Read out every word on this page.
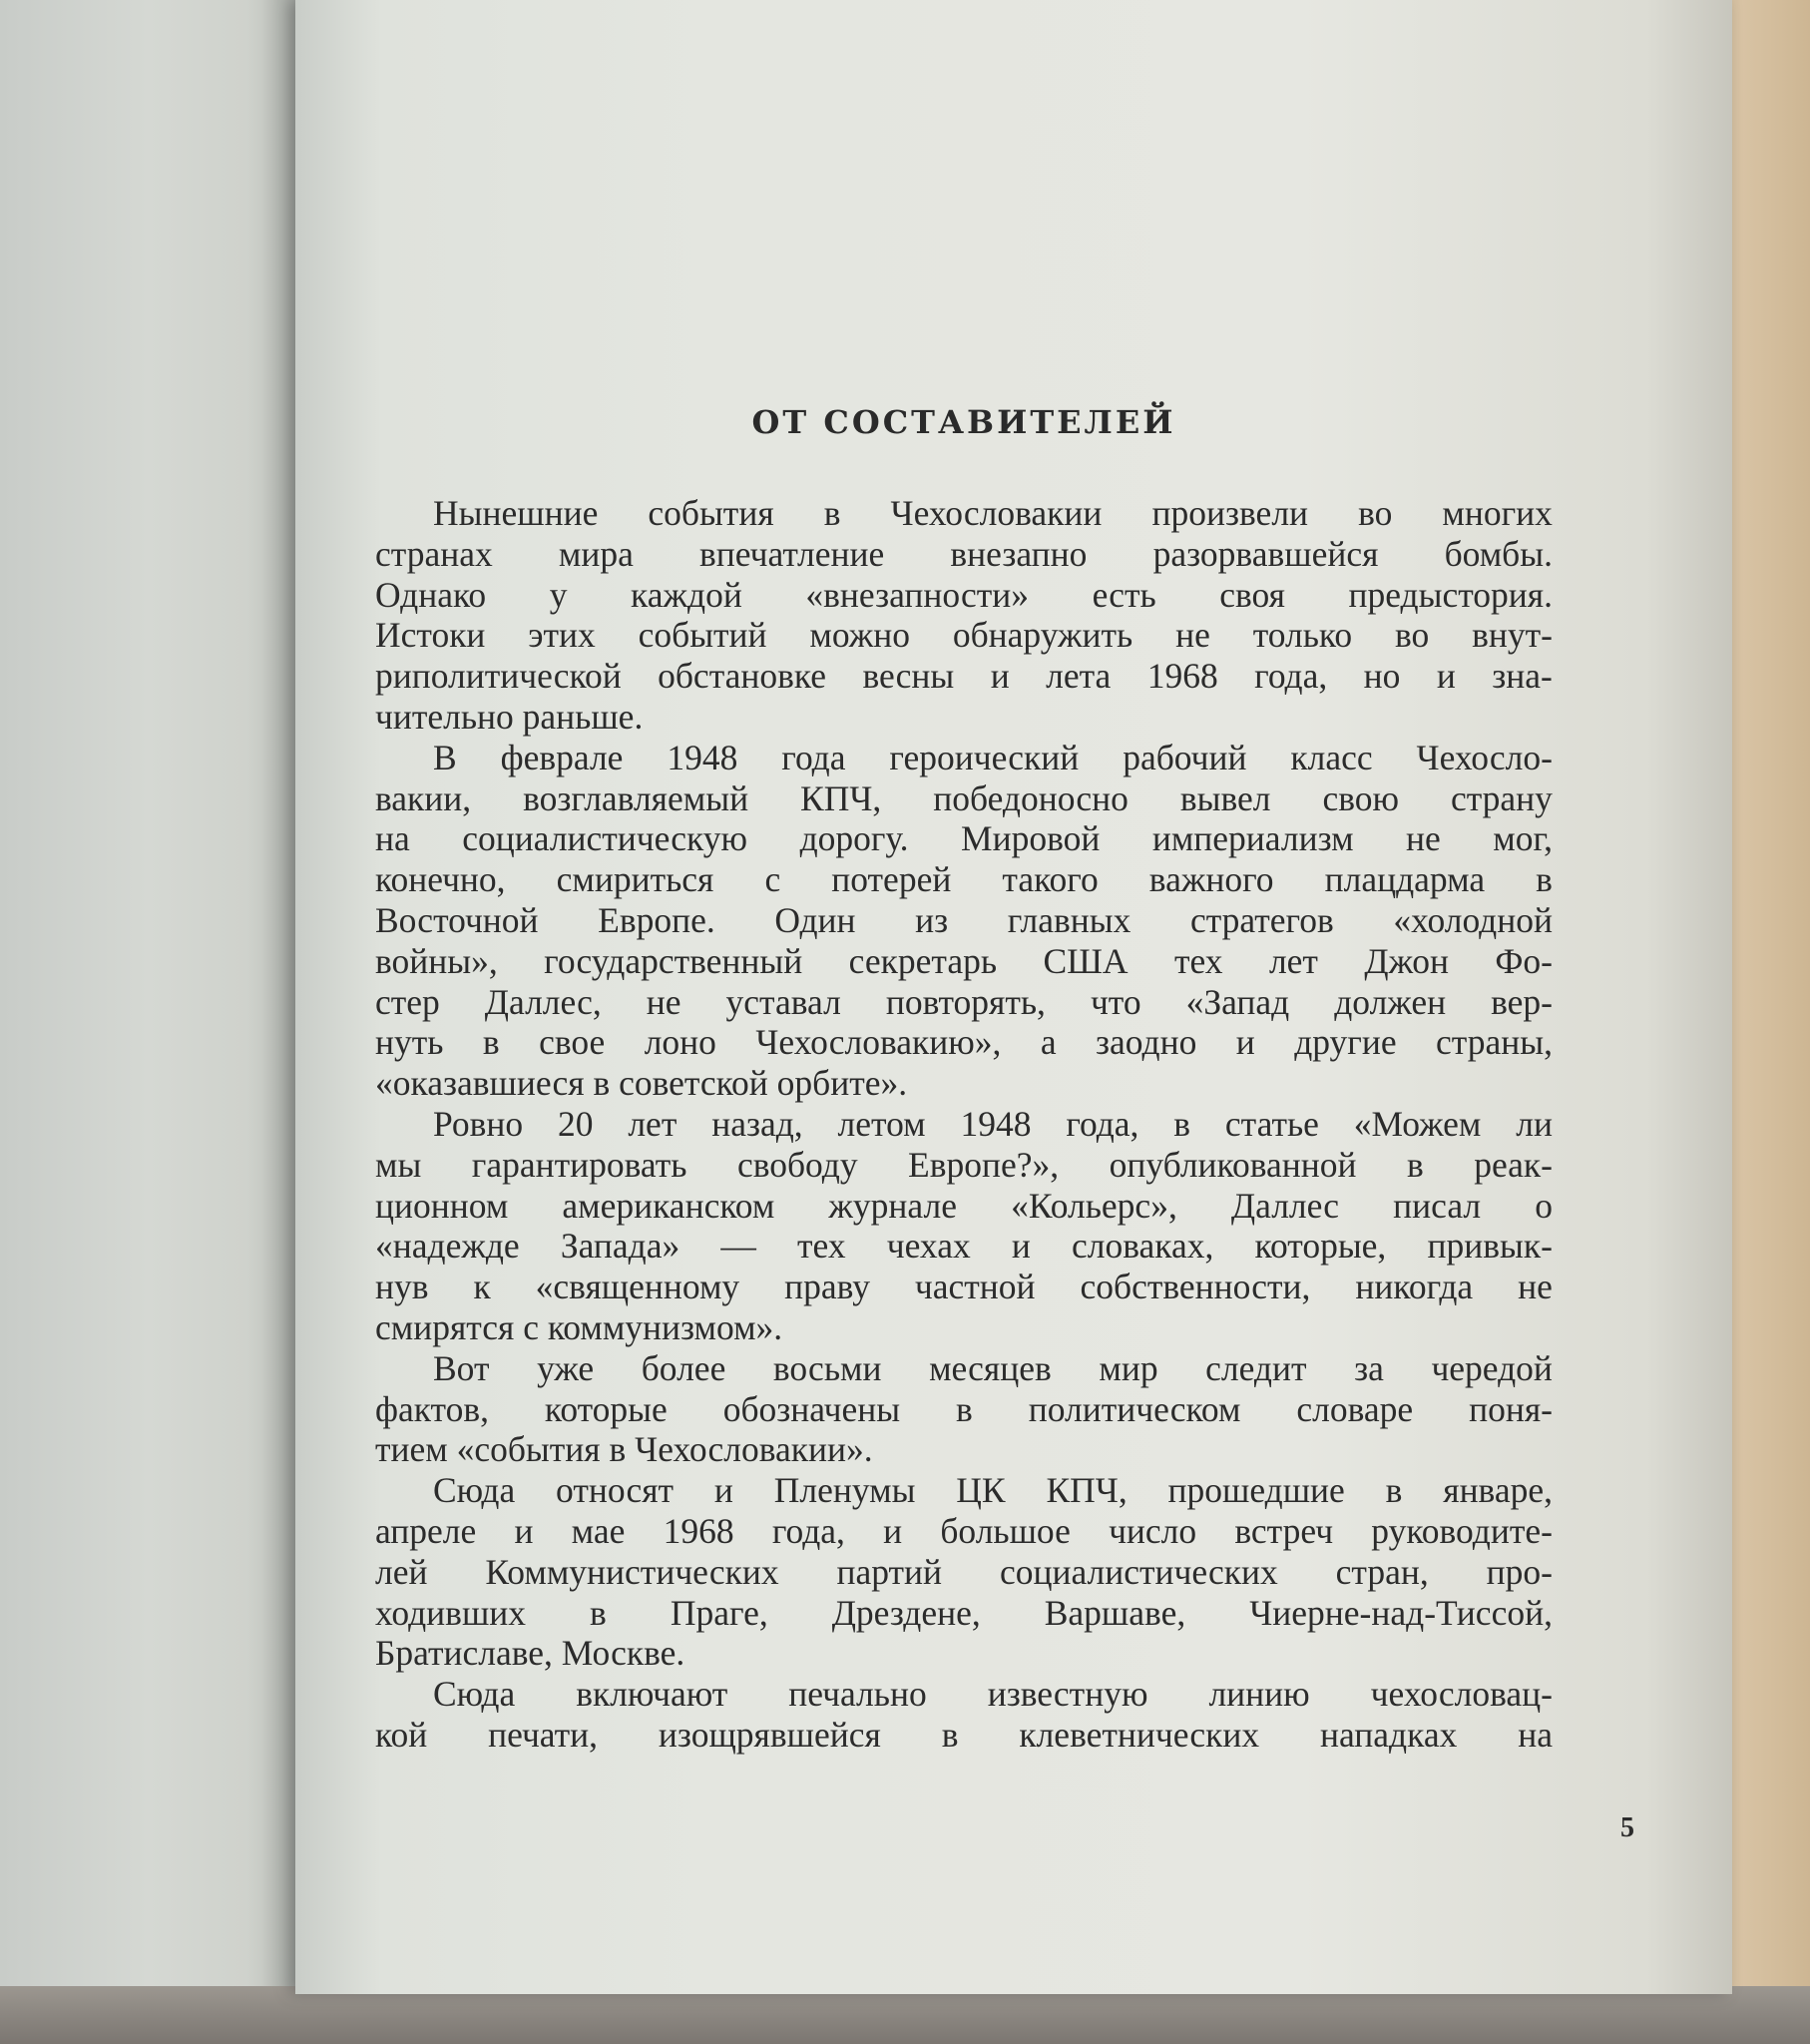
ОТ СОСТАВИТЕЛЕЙ
Нынешние события в Чехословакии произвели во многих
странах мира впечатление внезапно разорвавшейся бомбы.
Однако у каждой «внезапности» есть своя предыстория.
Истоки этих событий можно обнаружить не только во внут-
риполитической обстановке весны и лета 1968 года, но и зна-
чительно раньше.
В феврале 1948 года героический рабочий класс Чехосло-
вакии, возглавляемый КПЧ, победоносно вывел свою страну
на социалистическую дорогу. Мировой империализм не мог,
конечно, смириться с потерей такого важного плацдарма в
Восточной Европе. Один из главных стратегов «холодной
войны», государственный секретарь США тех лет Джон Фо-
стер Даллес, не уставал повторять, что «Запад должен вер-
нуть в свое лоно Чехословакию», а заодно и другие страны,
«оказавшиеся в советской орбите».
Ровно 20 лет назад, летом 1948 года, в статье «Можем ли
мы гарантировать свободу Европе?», опубликованной в реак-
ционном американском журнале «Кольерс», Даллес писал о
«надежде Запада» — тех чехах и словаках, которые, привык-
нув к «священному праву частной собственности, никогда не
смирятся с коммунизмом».
Вот уже более восьми месяцев мир следит за чередой
фактов, которые обозначены в политическом словаре поня-
тием «события в Чехословакии».
Сюда относят и Пленумы ЦК КПЧ, прошедшие в январе,
апреле и мае 1968 года, и большое число встреч руководите-
лей Коммунистических партий социалистических стран, про-
ходивших в Праге, Дрездене, Варшаве, Чиерне-над-Тиссой,
Братиславе, Москве.
Сюда включают печально известную линию чехословац-
кой печати, изощрявшейся в клеветнических нападках на
5
